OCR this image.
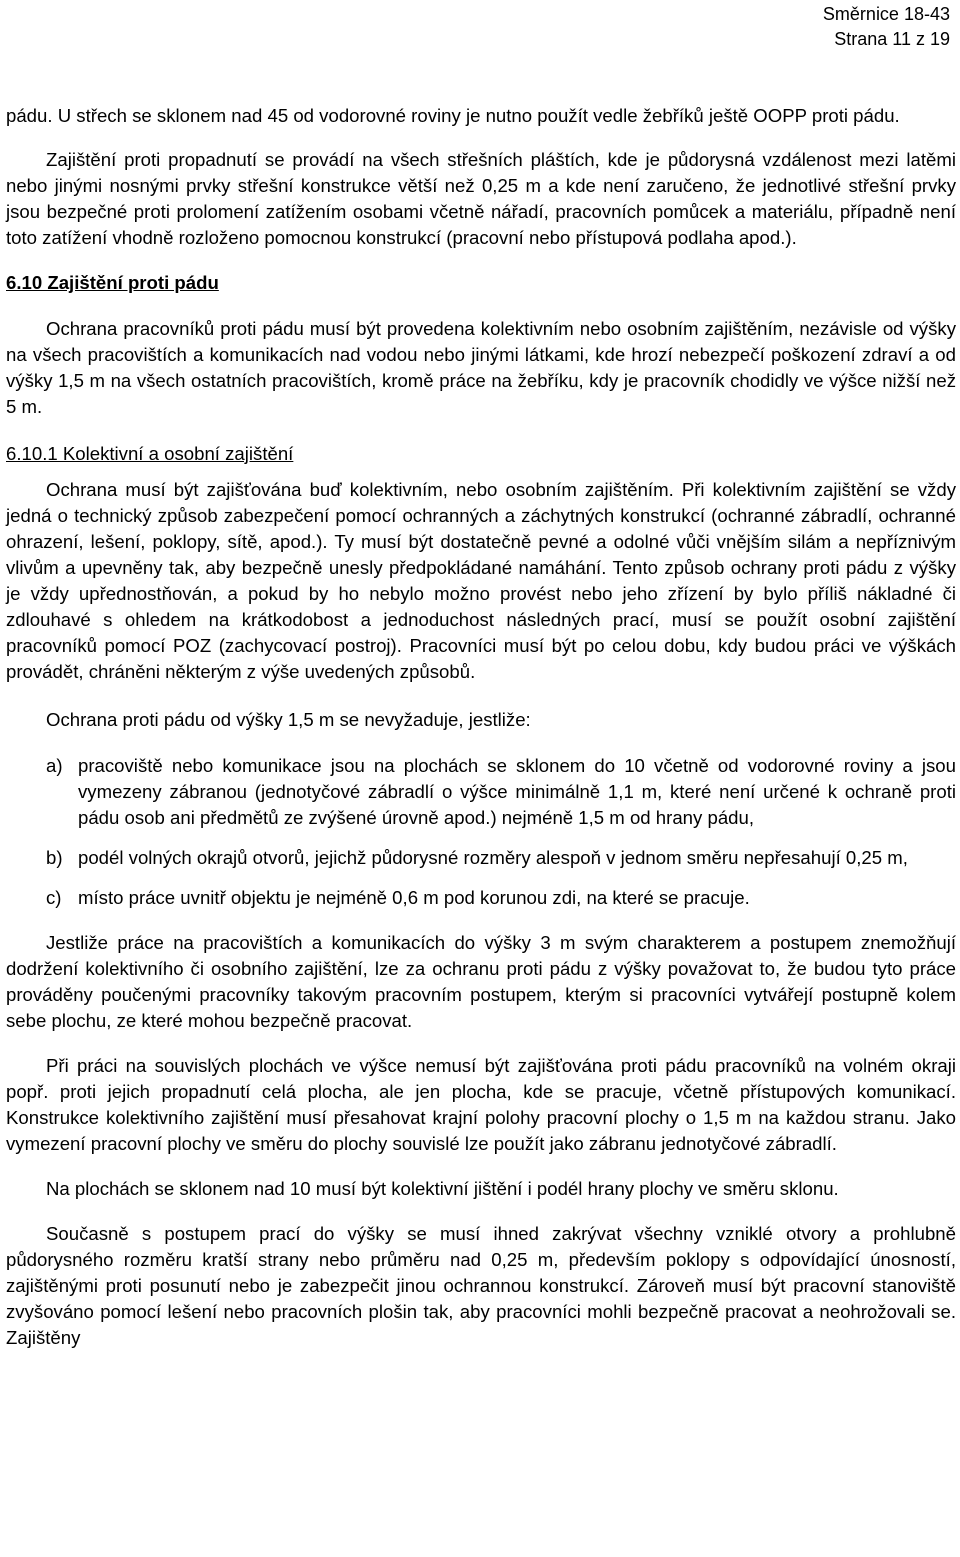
Směrnice 18-43
Strana 11 z 19

pádu. U střech se sklonem nad 45 od vodorovné roviny je nutno použít vedle žebříků ještě OOPP proti pádu.

Zajištění proti propadnutí se provádí na všech střešních pláštích, kde je půdorysná vzdálenost mezi latěmi nebo jinými nosnými prvky střešní konstrukce větší než 0,25 m a kde není zaručeno, že jednotlivé střešní prvky jsou bezpečné proti prolomení zatížením osobami včetně nářadí, pracovních pomůcek a materiálu, případně není toto zatížení vhodně rozloženo pomocnou konstrukcí (pracovní nebo přístupová podlaha apod.).

6.10 Zajištění proti pádu

Ochrana pracovníků proti pádu musí být provedena kolektivním nebo osobním zajištěním, nezávisle od výšky na všech pracovištích a komunikacích nad vodou nebo jinými látkami, kde hrozí nebezpečí poškození zdraví a od výšky 1,5 m na všech ostatních pracovištích, kromě práce na žebříku, kdy je pracovník chodidly ve výšce nižší než 5 m.

6.10.1 Kolektivní a osobní zajištění

Ochrana musí být zajišťována buď kolektivním, nebo osobním zajištěním. Při kolektivním zajištění se vždy jedná o technický způsob zabezpečení pomocí ochranných a záchytných konstrukcí (ochranné zábradlí, ochranné ohrazení, lešení, poklopy, sítě, apod.). Ty musí být dostatečně pevné a odolné vůči vnějším silám a nepříznivým vlivům a upevněny tak, aby bezpečně unesly předpokládané namáhání. Tento způsob ochrany proti pádu z výšky je vždy upřednostňován, a pokud by ho nebylo možno provést nebo jeho zřízení by bylo příliš nákladné či zdlouhavé s ohledem na krátkodobost a jednoduchost následných prací, musí se použít osobní zajištění pracovníků pomocí POZ (zachycovací postroj). Pracovníci musí být po celou dobu, kdy budou práci ve výškách provádět, chráněni některým z výše uvedených způsobů.

Ochrana proti pádu od výšky 1,5 m se nevyžaduje, jestliže:

a) pracoviště nebo komunikace jsou na plochách se sklonem do 10 včetně od vodorovné roviny a jsou vymezeny zábranou (jednotyčové zábradlí o výšce minimálně 1,1 m, které není určené k ochraně proti pádu osob ani předmětů ze zvýšené úrovně apod.) nejméně 1,5 m od hrany pádu,
b) podél volných okrajů otvorů, jejichž půdorysné rozměry alespoň v jednom směru nepřesahují 0,25 m,
c) místo práce uvnitř objektu je nejméně 0,6 m pod korunou zdi, na které se pracuje.

Jestliže práce na pracovištích a komunikacích do výšky 3 m svým charakterem a postupem znemožňují dodržení kolektivního či osobního zajištění, lze za ochranu proti pádu z výšky považovat to, že budou tyto práce prováděny poučenými pracovníky takovým pracovním postupem, kterým si pracovníci vytvářejí postupně kolem sebe plochu, ze které mohou bezpečně pracovat.

Při práci na souvislých plochách ve výšce nemusí být zajišťována proti pádu pracovníků na volném okraji popř. proti jejich propadnutí celá plocha, ale jen plocha, kde se pracuje, včetně přístupových komunikací. Konstrukce kolektivního zajištění musí přesahovat krajní polohy pracovní plochy o 1,5 m na každou stranu. Jako vymezení pracovní plochy ve směru do plochy souvislé lze použít jako zábranu jednotyčové zábradlí.

Na plochách se sklonem nad 10 musí být kolektivní jištění i podél hrany plochy ve směru sklonu.

Současně s postupem prací do výšky se musí ihned zakrývat všechny vzniklé otvory a prohlubně půdorysného rozměru kratší strany nebo průměru nad 0,25 m, především poklopy s odpovídající únosností, zajištěnými proti posunutí nebo je zabezpečit jinou ochrannou konstrukcí. Zároveň musí být pracovní stanoviště zvyšováno pomocí lešení nebo pracovních plošin tak, aby pracovníci mohli bezpečně pracovat a neohrožovali se. Zajištěny
